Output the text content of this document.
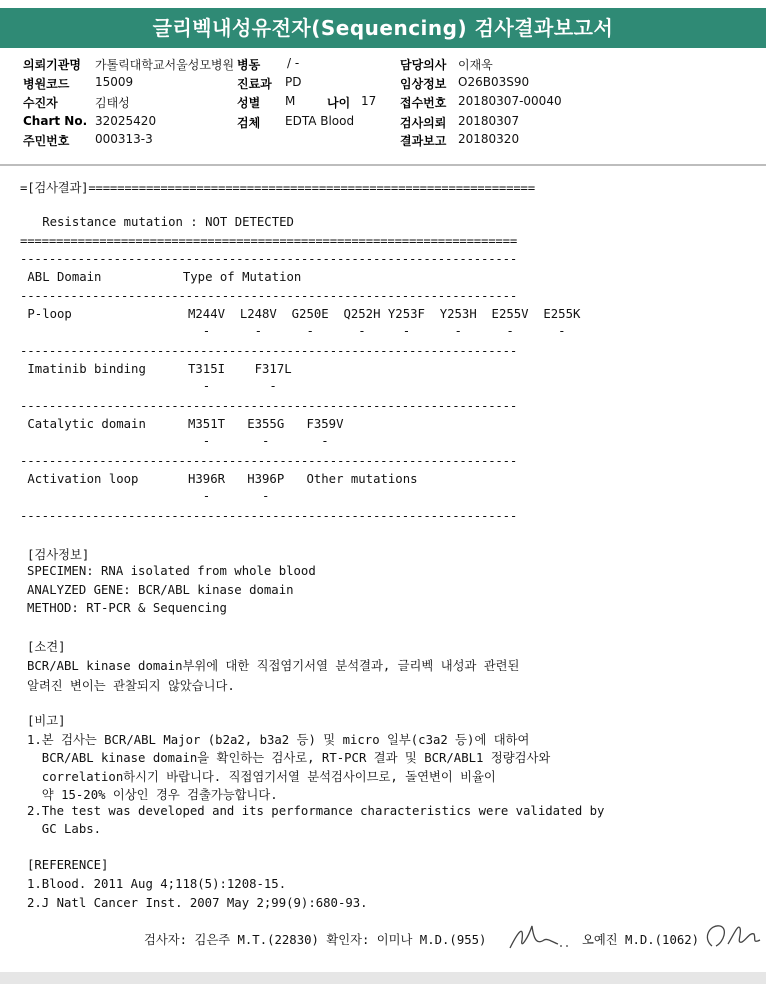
글리벡내성유전자(Sequencing) 검사결과보고서
의뢰기관명 가톨릭대학교서울성모병원
병원코드 15009
수진자	김태성
Chart No. 32025420
주민번호 000313-3
병동 / -
진료과 PD
성별 M	나이 17
검체 EDTA Blood
담당의사 이재욱
임상정보 O26B03S90
접수번호 20180307-00040
검사의뢰 20180307
결과보고 20180320
=[검사결과]==============================================================
Resistance mutation : NOT DETECTED
=====================================================================
---------------------------------------------------------------------
ABL Domain           Type of Mutation
---------------------------------------------------------------------
P-loop	M244V  L248V  G250E  Q252H Y253F  Y253H  E255V  E255K
-      -      -      -     -      -      -      -
---------------------------------------------------------------------
Imatinib binding	T315I    F317L
-        -
---------------------------------------------------------------------
Catalytic domain	M351T   E355G   F359V
-       -       -
---------------------------------------------------------------------
Activation loop	H396R   H396P   Other mutations
-       -
---------------------------------------------------------------------
[검사정보]
SPECIMEN: RNA isolated from whole blood
ANALYZED GENE: BCR/ABL kinase domain
METHOD: RT-PCR & Sequencing
[소견]
BCR/ABL kinase domain부위에 대한 직접염기서열 분석결과, 글리벡 내성과 관련된
알려진 변이는 관찰되지 않았습니다.
[비고]
1.본 검사는 BCR/ABL Major (b2a2, b3a2 등) 및 micro 일부(c3a2 등)에 대하여
BCR/ABL kinase domain을 확인하는 검사로, RT-PCR 결과 및 BCR/ABL1 정량검사와
correlation하시기 바랍니다. 직접염기서열 분석검사이므로, 돌연변이 비율이
약 15-20% 이상인 경우 검출가능합니다.
2.The test was developed and its performance characteristics were validated by
GC Labs.
[REFERENCE]
1.Blood. 2011 Aug 4;118(5):1208-15.
2.J Natl Cancer Inst. 2007 May 2;99(9):680-93.
검사자: 김은주 M.T.(22830) 확인자: 이미나 M.D.(955)	오예진 M.D.(1062)
